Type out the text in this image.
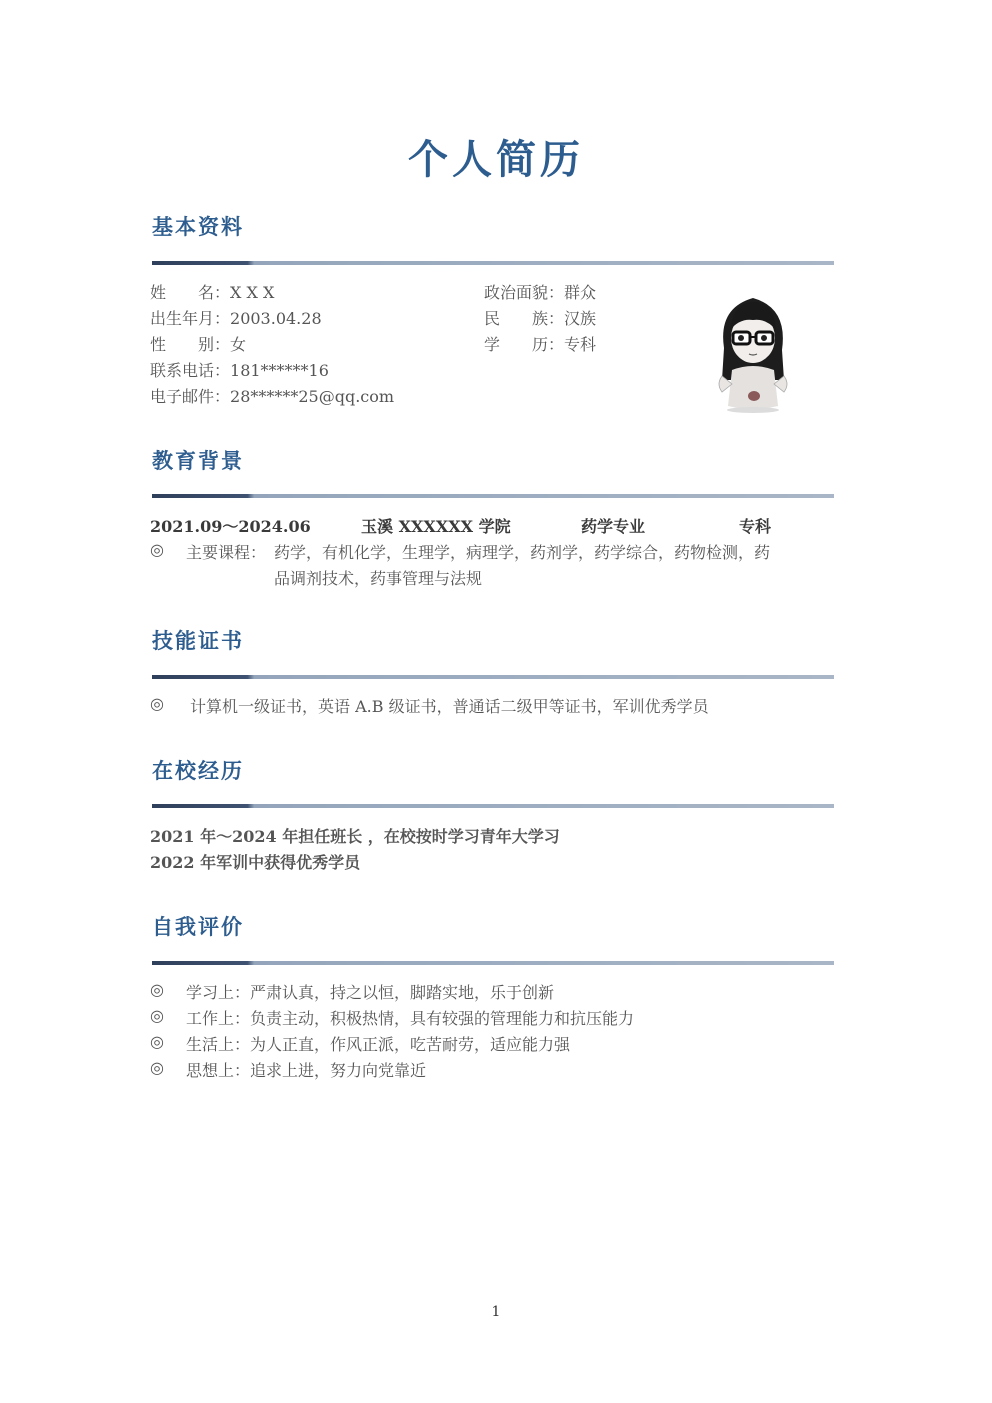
个人简历
基本资料
姓　　名：X X X
出生年月：2003.04.28
性　　别：女
联系电话：181******16
电子邮件：28******25@qq.com
政治面貌：群众
民　　族：汉族
学　　历：专科
教育背景
2021.09～2024.06	玉溪 XXXXXX 学院	药学专业	专科
◎ 主要课程： 药学，有机化学，生理学，病理学，药剂学，药学综合，药物检测，药
品调剂技术，药事管理与法规
技能证书
◎ 计算机一级证书，英语 A.B 级证书，普通话二级甲等证书，军训优秀学员
在校经历
2021 年～2024 年担任班长 ，在校按时学习青年大学习
2022 年军训中获得优秀学员
自我评价
◎ 学习上：严肃认真，持之以恒，脚踏实地，乐于创新
◎ 工作上：负责主动，积极热情，具有较强的管理能力和抗压能力
◎ 生活上：为人正直，作风正派，吃苦耐劳，适应能力强
◎ 思想上：追求上进，努力向党靠近
1
